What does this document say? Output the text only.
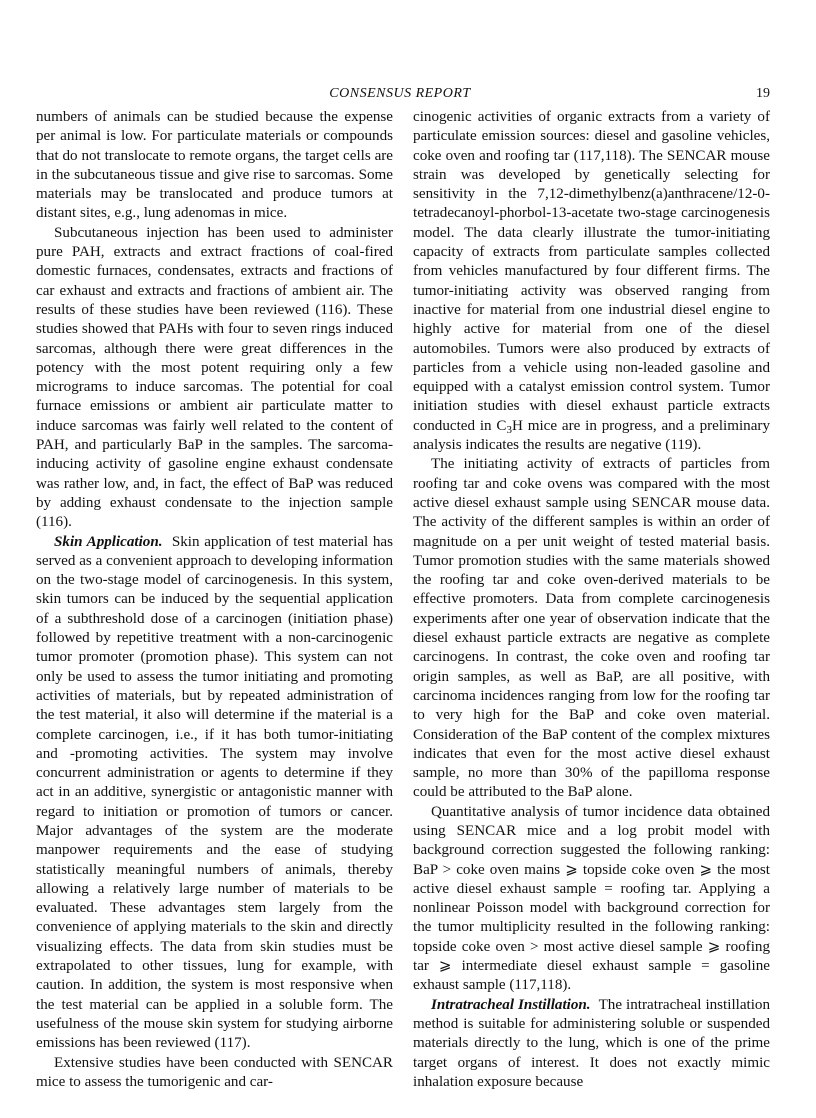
CONSENSUS REPORT	19

numbers of animals can be studied because the expense per animal is low. For particulate materials or compounds that do not translocate to remote organs, the target cells are in the subcutaneous tissue and give rise to sarcomas. Some materials may be translocated and produce tumors at distant sites, e.g., lung adenomas in mice.

Subcutaneous injection has been used to administer pure PAH, extracts and extract fractions of coal-fired domestic furnaces, condensates, extracts and fractions of car exhaust and extracts and fractions of ambient air. The results of these studies have been reviewed (116). These studies showed that PAHs with four to seven rings induced sarcomas, although there were great differences in the potency with the most potent requiring only a few micrograms to induce sarcomas. The potential for coal furnace emissions or ambient air particulate matter to induce sarcomas was fairly well related to the content of PAH, and particularly BaP in the samples. The sarcoma-inducing activity of gasoline engine exhaust condensate was rather low, and, in fact, the effect of BaP was reduced by adding exhaust condensate to the injection sample (116).

Skin Application. Skin application of test material has served as a convenient approach to developing information on the two-stage model of carcinogenesis. In this system, skin tumors can be induced by the sequential application of a subthreshold dose of a carcinogen (initiation phase) followed by repetitive treatment with a non-carcinogenic tumor promoter (promotion phase). This system can not only be used to assess the tumor initiating and promoting activities of materials, but by repeated administration of the test material, it also will determine if the material is a complete carcinogen, i.e., if it has both tumor-initiating and -promoting activities. The system may involve concurrent administration or agents to determine if they act in an additive, synergistic or antagonistic manner with regard to initiation or promotion of tumors or cancer. Major advantages of the system are the moderate manpower requirements and the ease of studying statistically meaningful numbers of animals, thereby allowing a relatively large number of materials to be evaluated. These advantages stem largely from the convenience of applying materials to the skin and directly visualizing effects. The data from skin studies must be extrapolated to other tissues, lung for example, with caution. In addition, the system is most responsive when the test material can be applied in a soluble form. The usefulness of the mouse skin system for studying airborne emissions has been reviewed (117).

Extensive studies have been conducted with SENCAR mice to assess the tumorigenic and car-

cinogenic activities of organic extracts from a variety of particulate emission sources: diesel and gasoline vehicles, coke oven and roofing tar (117,118). The SENCAR mouse strain was developed by genetically selecting for sensitivity in the 7,12-dimethylbenz(a)anthracene/12-0-tetradecanoyl-phorbol-13-acetate two-stage carcinogenesis model. The data clearly illustrate the tumor-initiating capacity of extracts from particulate samples collected from vehicles manufactured by four different firms. The tumor-initiating activity was observed ranging from inactive for material from one industrial diesel engine to highly active for material from one of the diesel automobiles. Tumors were also produced by extracts of particles from a vehicle using non-leaded gasoline and equipped with a catalyst emission control system. Tumor initiation studies with diesel exhaust particle extracts conducted in $C_3H$ mice are in progress, and a preliminary analysis indicates the results are negative (119).

The initiating activity of extracts of particles from roofing tar and coke ovens was compared with the most active diesel exhaust sample using SENCAR mouse data. The activity of the different samples is within an order of magnitude on a per unit weight of tested material basis. Tumor promotion studies with the same materials showed the roofing tar and coke oven-derived materials to be effective promoters. Data from complete carcinogenesis experiments after one year of observation indicate that the diesel exhaust particle extracts are negative as complete carcinogens. In contrast, the coke oven and roofing tar origin samples, as well as BaP, are all positive, with carcinoma incidences ranging from low for the roofing tar to very high for the BaP and coke oven material. Consideration of the BaP content of the complex mixtures indicates that even for the most active diesel exhaust sample, no more than 30% of the papilloma response could be attributed to the BaP alone.

Quantitative analysis of tumor incidence data obtained using SENCAR mice and a log probit model with background correction suggested the following ranking: BaP > coke oven mains ⩾ topside coke oven ⩾ the most active diesel exhaust sample = roofing tar. Applying a nonlinear Poisson model with background correction for the tumor multiplicity resulted in the following ranking: topside coke oven > most active diesel sample ⩾ roofing tar ⩾ intermediate diesel exhaust sample = gasoline exhaust sample (117,118).

Intratracheal Instillation. The intratracheal instillation method is suitable for administering soluble or suspended materials directly to the lung, which is one of the prime target organs of interest. It does not exactly mimic inhalation exposure because
